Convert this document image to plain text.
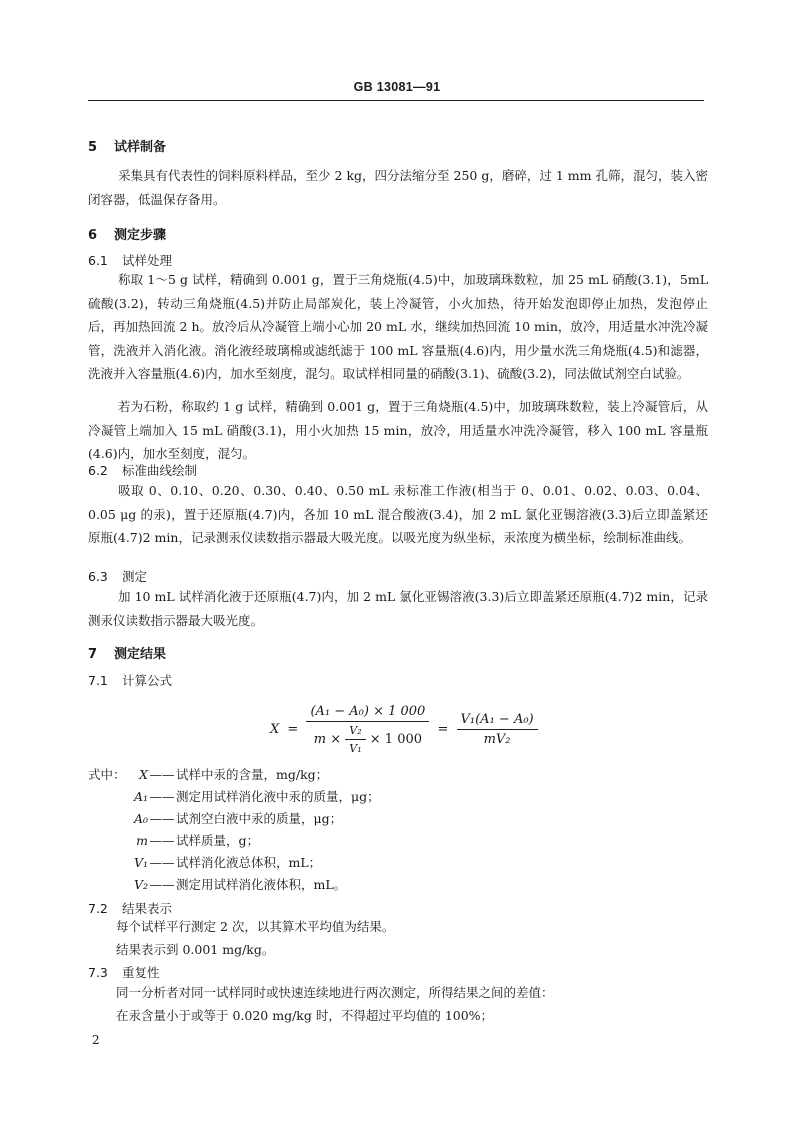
GB 13081—91
5 试样制备
采集具有代表性的饲料原料样品，至少 2 kg，四分法缩分至 250 g，磨碎，过 1 mm 孔筛，混匀，装入密闭容器，低温保存备用。
6 测定步骤
6.1 试样处理
称取 1～5 g 试样，精确到 0.001 g，置于三角烧瓶(4.5)中，加玻璃珠数粒，加 25 mL 硝酸(3.1)，5mL 硫酸(3.2)，转动三角烧瓶(4.5)并防止局部炭化，装上冷凝管，小火加热，待开始发泡即停止加热，发泡停止后，再加热回流 2 h。放冷后从冷凝管上端小心加 20 mL 水，继续加热回流 10 min，放冷，用适量水冲洗冷凝管，洗液并入消化液。消化液经玻璃棉或滤纸滤于 100 mL 容量瓶(4.6)内，用少量水洗三角烧瓶(4.5)和滤器，洗液并入容量瓶(4.6)内，加水至刻度，混匀。取试样相同量的硝酸(3.1)、硫酸(3.2)，同法做试剂空白试验。
若为石粉，称取约 1 g 试样，精确到 0.001 g，置于三角烧瓶(4.5)中，加玻璃珠数粒，装上冷凝管后，从冷凝管上端加入 15 mL 硝酸(3.1)，用小火加热 15 min，放冷，用适量水冲洗冷凝管，移入 100 mL 容量瓶(4.6)内，加水至刻度，混匀。
6.2 标准曲线绘制
吸取 0、0.10、0.20、0.30、0.40、0.50 mL 汞标准工作液(相当于 0、0.01、0.02、0.03、0.04、0.05 μg 的汞)，置于还原瓶(4.7)内，各加 10 mL 混合酸液(3.4)，加 2 mL 氯化亚锡溶液(3.3)后立即盖紧还原瓶(4.7)2 min，记录测汞仪读数指示器最大吸光度。以吸光度为纵坐标，汞浓度为横坐标，绘制标准曲线。
6.3 测定
加 10 mL 试样消化液于还原瓶(4.7)内，加 2 mL 氯化亚锡溶液(3.3)后立即盖紧还原瓶(4.7)2 min，记录测汞仪读数指示器最大吸光度。
7 测定结果
7.1 计算公式
$X = \frac{\text{(A₁ − A₀) × 1 000}}{m \times \frac{\text{V₂}}{\text{V₁}} \times 1 000} = \frac{\text{V₁(A₁ − A₀)}}{\text{mV₂}}$
式中：	X —— 试样中汞的含量，mg/kg；
A₁ —— 测定用试样消化液中汞的质量，μg；
A₀ —— 试剂空白液中汞的质量，μg；
m —— 试样质量，g；
V₁ —— 试样消化液总体积，mL；
V₂ —— 测定用试样消化液体积，mL。
7.2 结果表示
每个试样平行测定 2 次，以其算术平均值为结果。
结果表示到 0.001 mg/kg。
7.3 重复性
同一分析者对同一试样同时或快速连续地进行两次测定，所得结果之间的差值：
在汞含量小于或等于 0.020 mg/kg 时，不得超过平均值的 100%；
2
